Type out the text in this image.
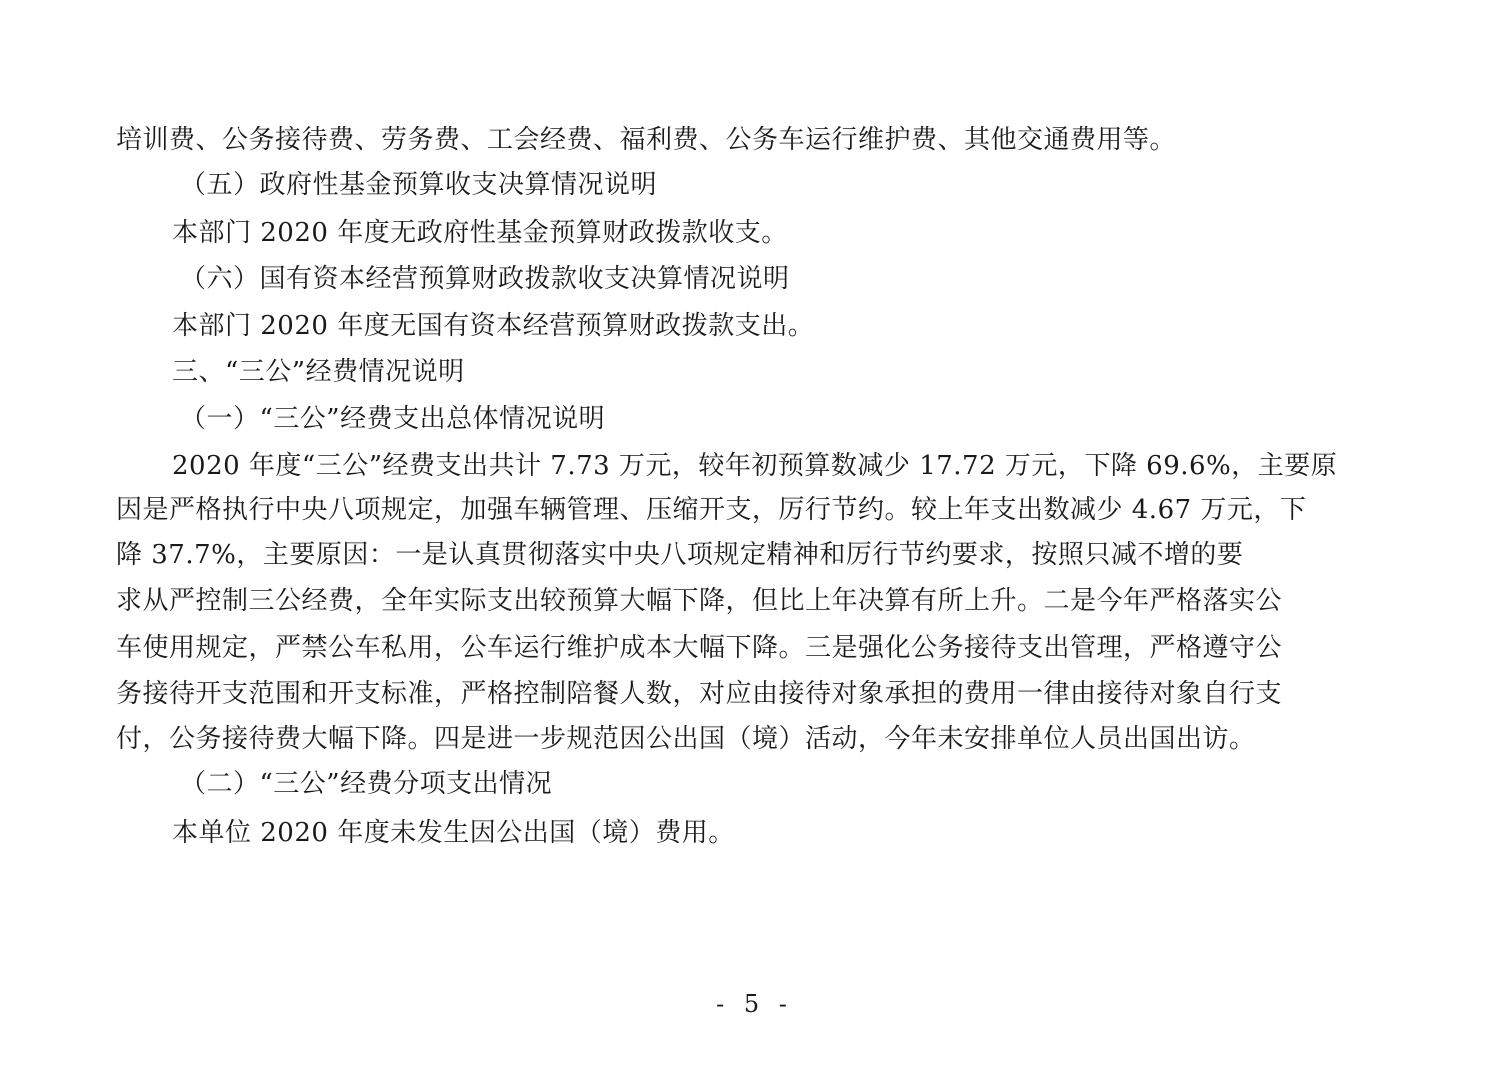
培训费、公务接待费、劳务费、工会经费、福利费、公务车运行维护费、其他交通费用等。
（五）政府性基金预算收支决算情况说明
本部门 2020 年度无政府性基金预算财政拨款收支。
（六）国有资本经营预算财政拨款收支决算情况说明
本部门 2020 年度无国有资本经营预算财政拨款支出。
三、“三公”经费情况说明
（一）“三公”经费支出总体情况说明
2020 年度“三公”经费支出共计 7.73 万元，较年初预算数减少 17.72 万元，下降 69.6%，主要原
因是严格执行中央八项规定，加强车辆管理、压缩开支，厉行节约。较上年支出数减少 4.67 万元，下
降 37.7%，主要原因：一是认真贯彻落实中央八项规定精神和厉行节约要求，按照只减不增的要
求从严控制三公经费，全年实际支出较预算大幅下降，但比上年决算有所上升。二是今年严格落实公
车使用规定，严禁公车私用，公车运行维护成本大幅下降。三是强化公务接待支出管理，严格遵守公
务接待开支范围和开支标准，严格控制陪餐人数，对应由接待对象承担的费用一律由接待对象自行支
付，公务接待费大幅下降。四是进一步规范因公出国（境）活动，今年未安排单位人员出国出访。
（二）“三公”经费分项支出情况
本单位 2020 年度未发生因公出国（境）费用。
- 5 -
